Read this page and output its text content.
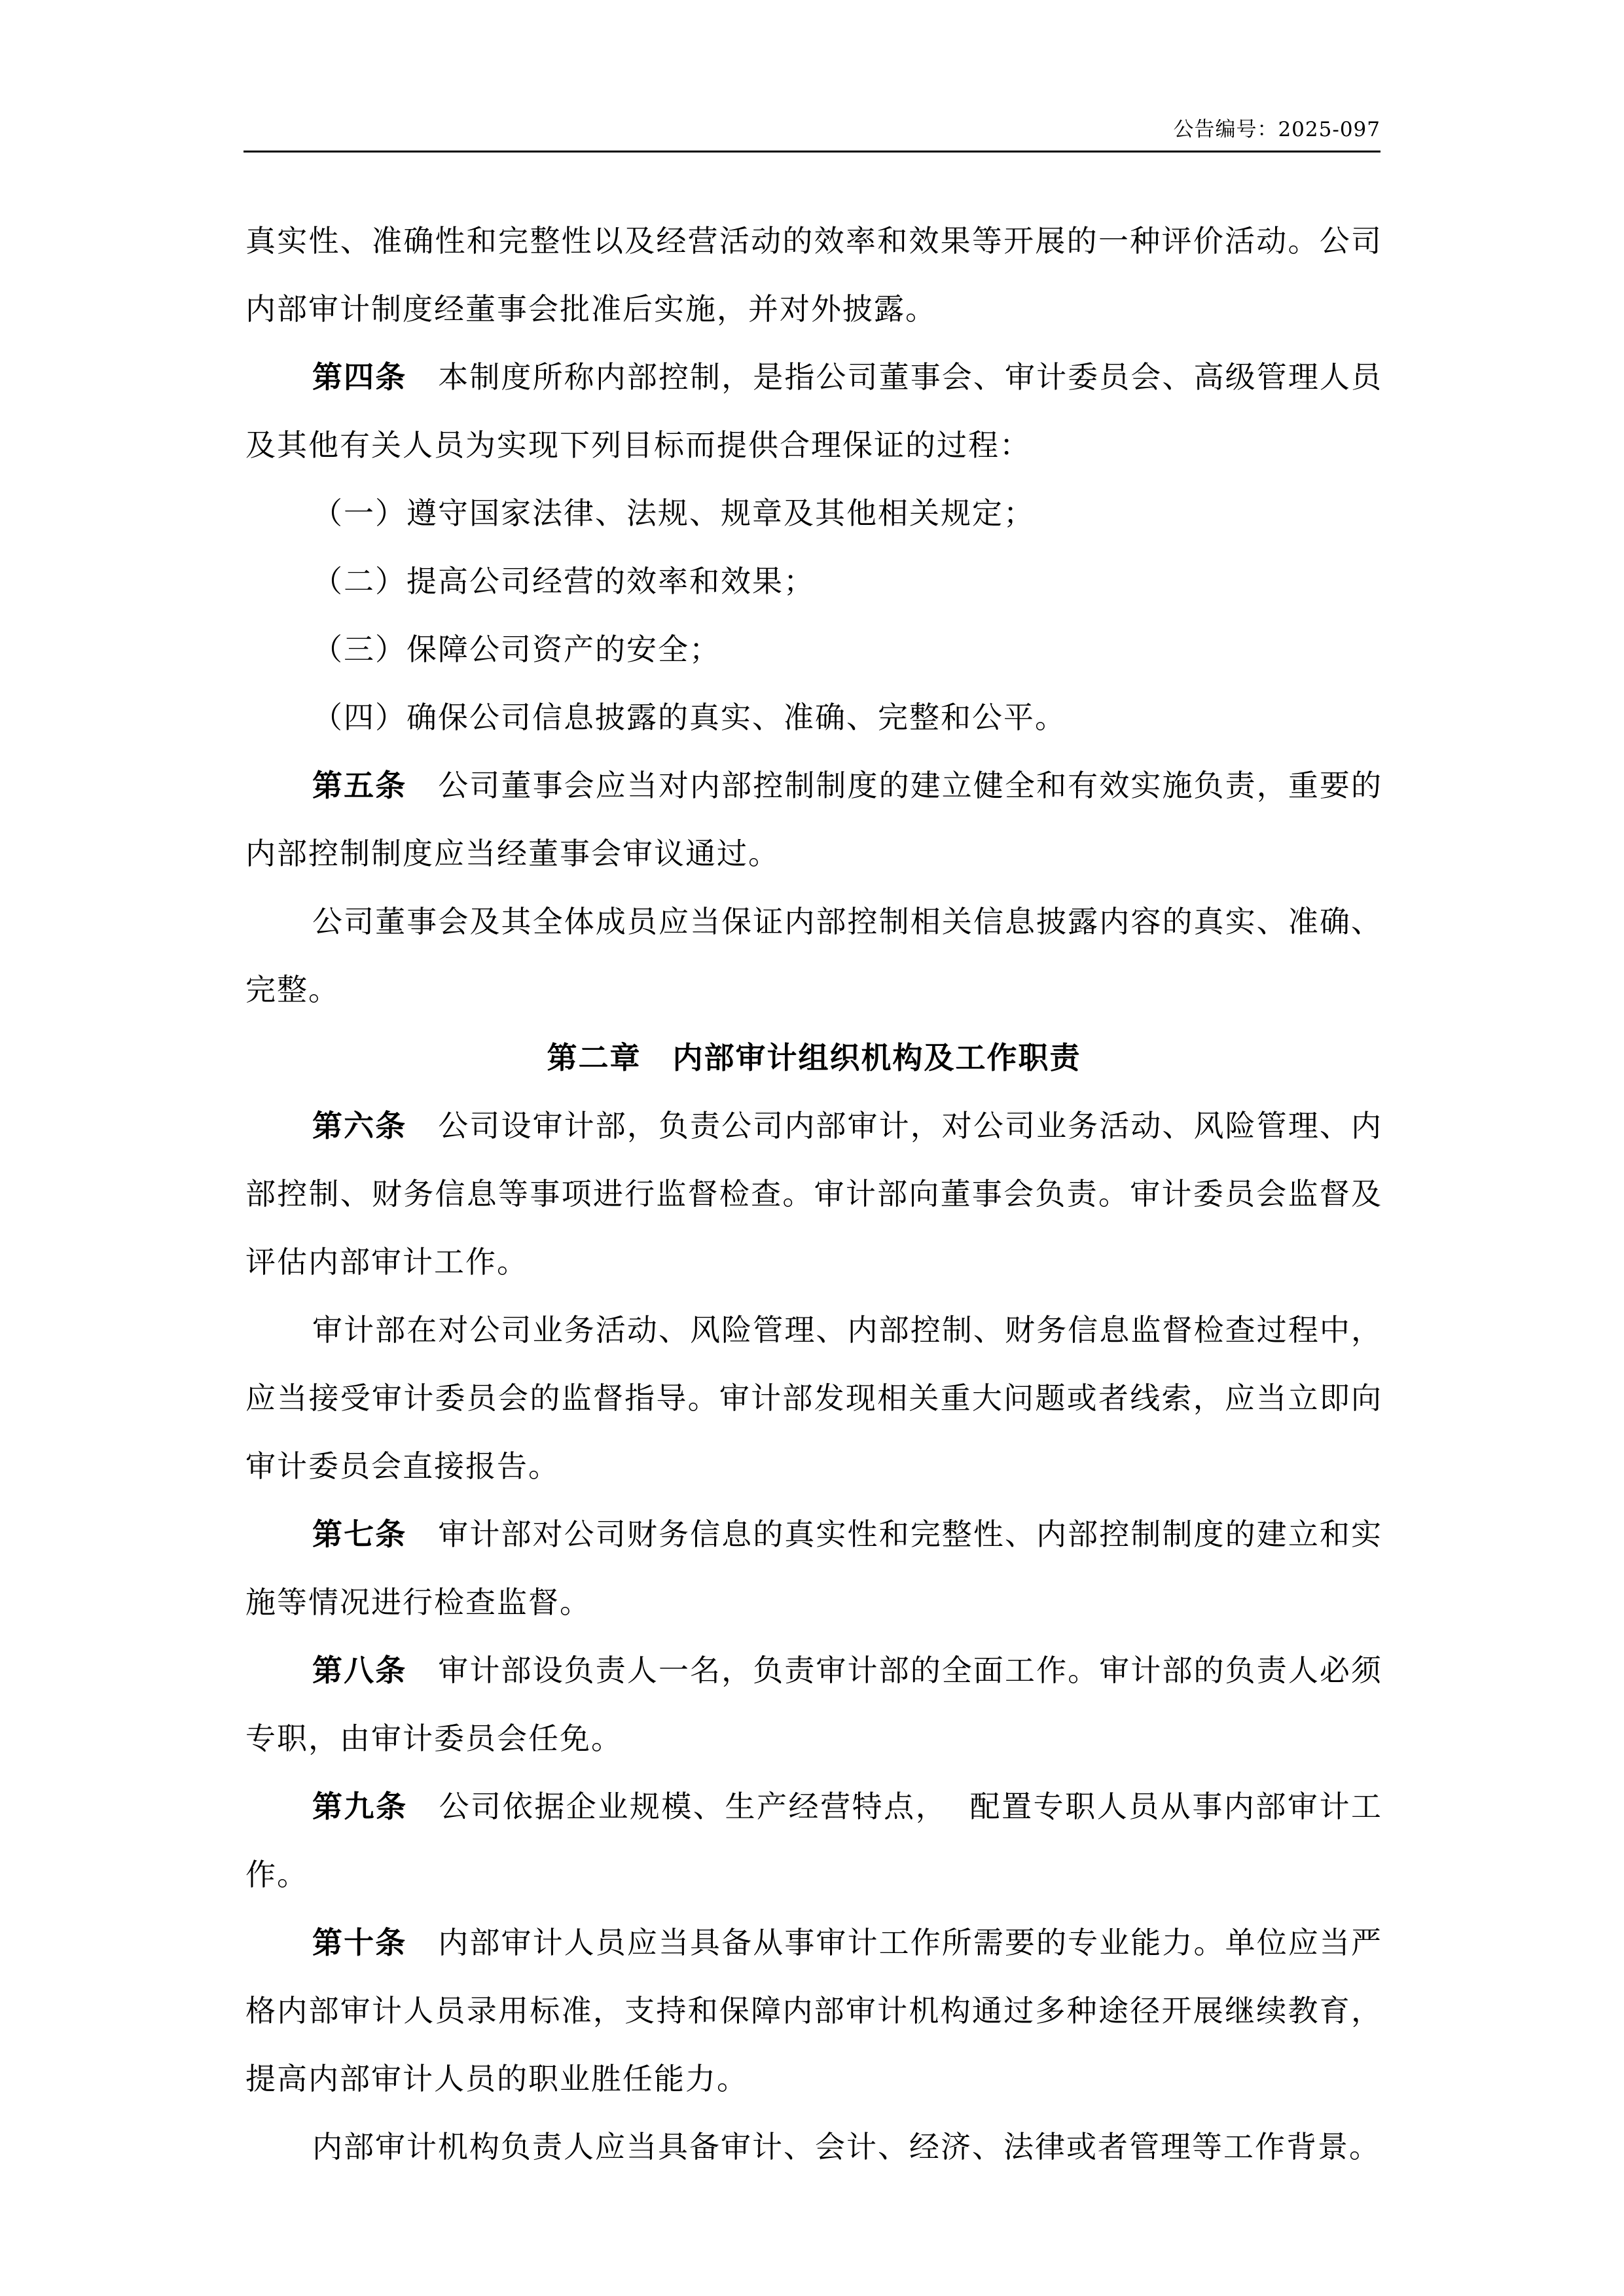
公告编号：2025-097

真实性、准确性和完整性以及经营活动的效率和效果等开展的一种评价活动。公司内部审计制度经董事会批准后实施，并对外披露。

第四条 本制度所称内部控制，是指公司董事会、审计委员会、高级管理人员及其他有关人员为实现下列目标而提供合理保证的过程：

（一）遵守国家法律、法规、规章及其他相关规定；

（二）提高公司经营的效率和效果；

（三）保障公司资产的安全；

（四）确保公司信息披露的真实、准确、完整和公平。

第五条 公司董事会应当对内部控制制度的建立健全和有效实施负责，重要的内部控制制度应当经董事会审议通过。

公司董事会及其全体成员应当保证内部控制相关信息披露内容的真实、准确、完整。

第二章 内部审计组织机构及工作职责

第六条 公司设审计部，负责公司内部审计，对公司业务活动、风险管理、内部控制、财务信息等事项进行监督检查。审计部向董事会负责。审计委员会监督及评估内部审计工作。

审计部在对公司业务活动、风险管理、内部控制、财务信息监督检查过程中，应当接受审计委员会的监督指导。审计部发现相关重大问题或者线索，应当立即向审计委员会直接报告。

第七条 审计部对公司财务信息的真实性和完整性、内部控制制度的建立和实施等情况进行检查监督。

第八条 审计部设负责人一名，负责审计部的全面工作。审计部的负责人必须专职，由审计委员会任免。

第九条 公司依据企业规模、生产经营特点，  配置专职人员从事内部审计工作。

第十条 内部审计人员应当具备从事审计工作所需要的专业能力。单位应当严格内部审计人员录用标准，支持和保障内部审计机构通过多种途径开展继续教育，提高内部审计人员的职业胜任能力。

内部审计机构负责人应当具备审计、会计、经济、法律或者管理等工作背景。
